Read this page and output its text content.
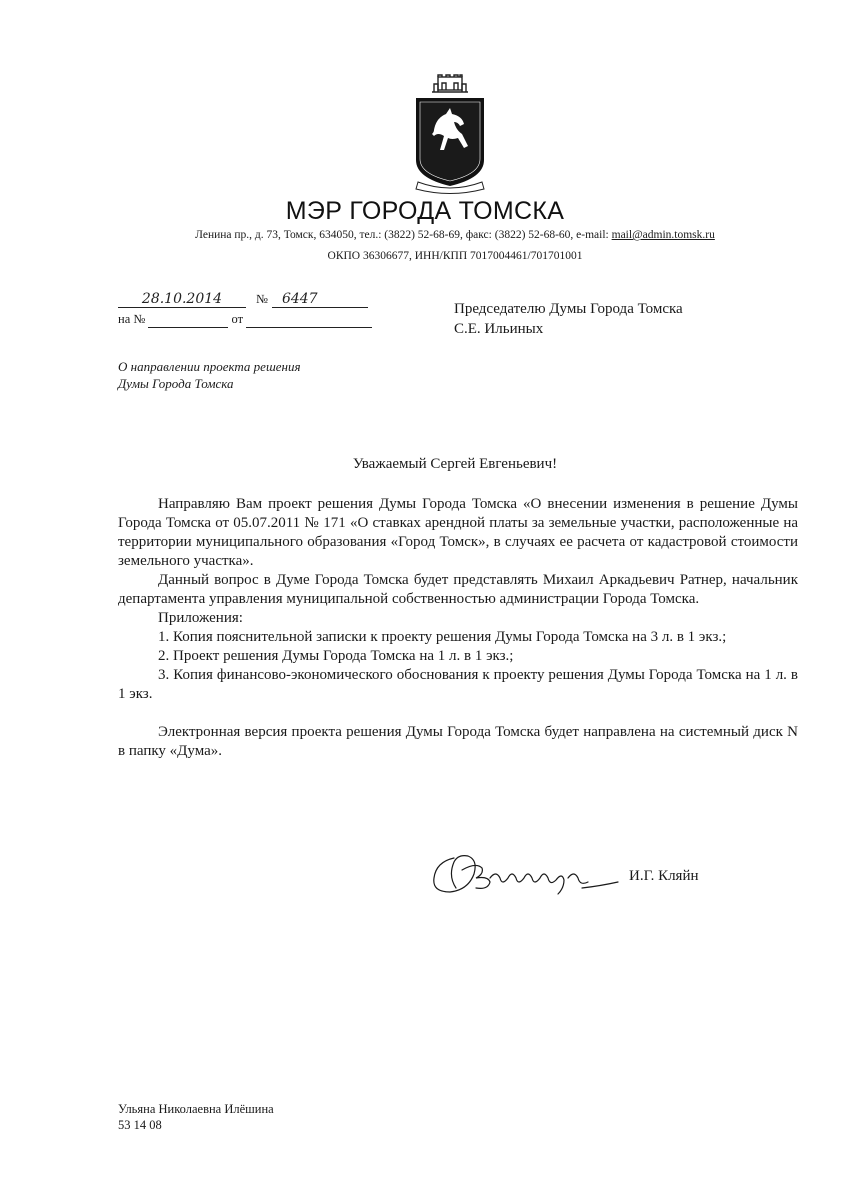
МЭР ГОРОДА ТОМСКА
Ленина пр., д. 73, Томск, 634050, тел.: (3822) 52-68-69, факс: (3822) 52-68-60, e-mail: mail@admin.tomsk.ru
ОКПО 36306677, ИНН/КПП 7017004461/701701001
28.10.2014	№ 6447
на №	от
Председателю Думы Города Томска
С.Е. Ильиных
О направлении проекта решения
Думы Города Томска
Уважаемый Сергей Евгеньевич!

Направляю Вам проект решения Думы Города Томска «О внесении изменения в решение Думы Города Томска от 05.07.2011 № 171 «О ставках арендной платы за земельные участки, расположенные на территории муниципального образования «Город Томск», в случаях ее расчета от кадастровой стоимости земельного участка».

Данный вопрос в Думе Города Томска будет представлять Михаил Аркадьевич Ратнер, начальник департамента управления муниципальной собственностью администрации Города Томска.

Приложения:

1. Копия пояснительной записки к проекту решения Думы Города Томска на 3 л. в 1 экз.;

2. Проект решения Думы Города Томска на 1 л. в 1 экз.;

3. Копия финансово-экономического обоснования к проекту решения Думы Города Томска на 1 л. в 1 экз.

Электронная версия проекта решения Думы Города Томска будет направлена на системный диск N в папку «Дума».

И.Г. Кляйн
Ульяна Николаевна Илёшина
53 14 08
